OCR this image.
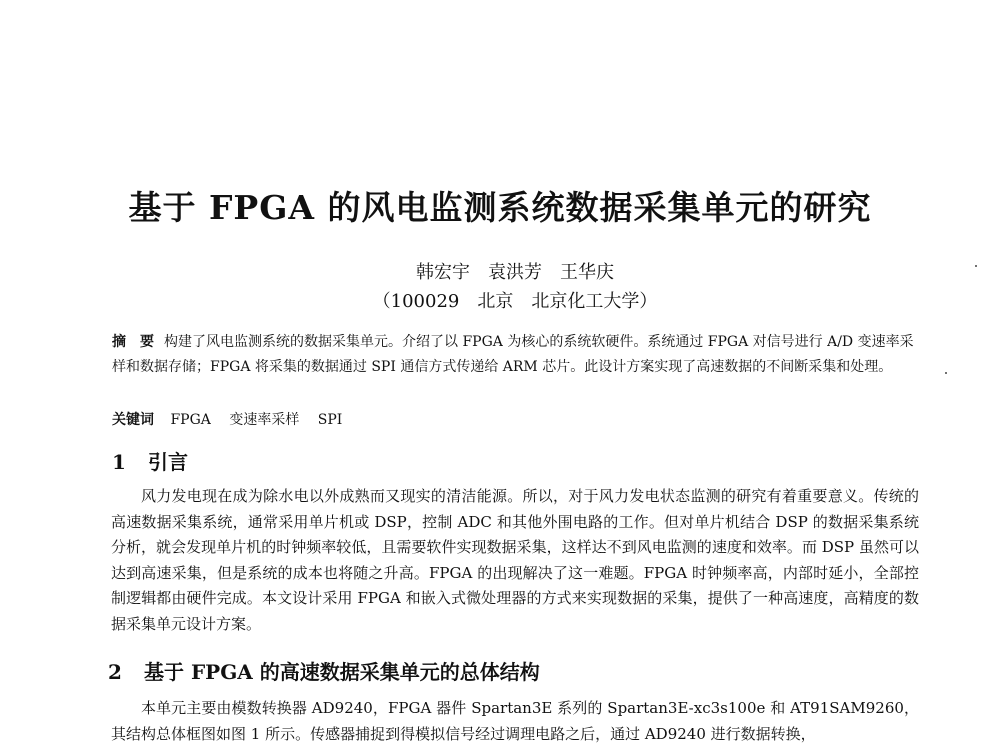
基于 FPGA 的风电监测系统数据采集单元的研究
韩宏宇　袁洪芳　王华庆
（100029　北京　北京化工大学）
摘　要 构建了风电监测系统的数据采集单元。介绍了以 FPGA 为核心的系统软硬件。系统通过 FPGA 对信号进行 A/D 变速率采样和数据存储；FPGA 将采集的数据通过 SPI 通信方式传递给 ARM 芯片。此设计方案实现了高速数据的不间断采集和处理。
关键词 FPGA 变速率采样 SPI
1 引言
风力发电现在成为除水电以外成熟而又现实的清洁能源。所以，对于风力发电状态监测的研究有着重要意义。传统的高速数据采集系统，通常采用单片机或 DSP，控制 ADC 和其他外围电路的工作。但对单片机结合 DSP 的数据采集系统分析，就会发现单片机的时钟频率较低，且需要软件实现数据采集，这样达不到风电监测的速度和效率。而 DSP 虽然可以达到高速采集，但是系统的成本也将随之升高。FPGA 的出现解决了这一难题。FPGA 时钟频率高，内部时延小，全部控制逻辑都由硬件完成。本文设计采用 FPGA 和嵌入式微处理器的方式来实现数据的采集，提供了一种高速度，高精度的数据采集单元设计方案。
2 基于 FPGA 的高速数据采集单元的总体结构
本单元主要由模数转换器 AD9240，FPGA 器件 Spartan3E 系列的 Spartan3E-xc3s100e 和 AT91SAM9260，其结构总体框图如图 1 所示。传感器捕捉到得模拟信号经过调理电路之后，通过 AD9240 进行数据转换，
